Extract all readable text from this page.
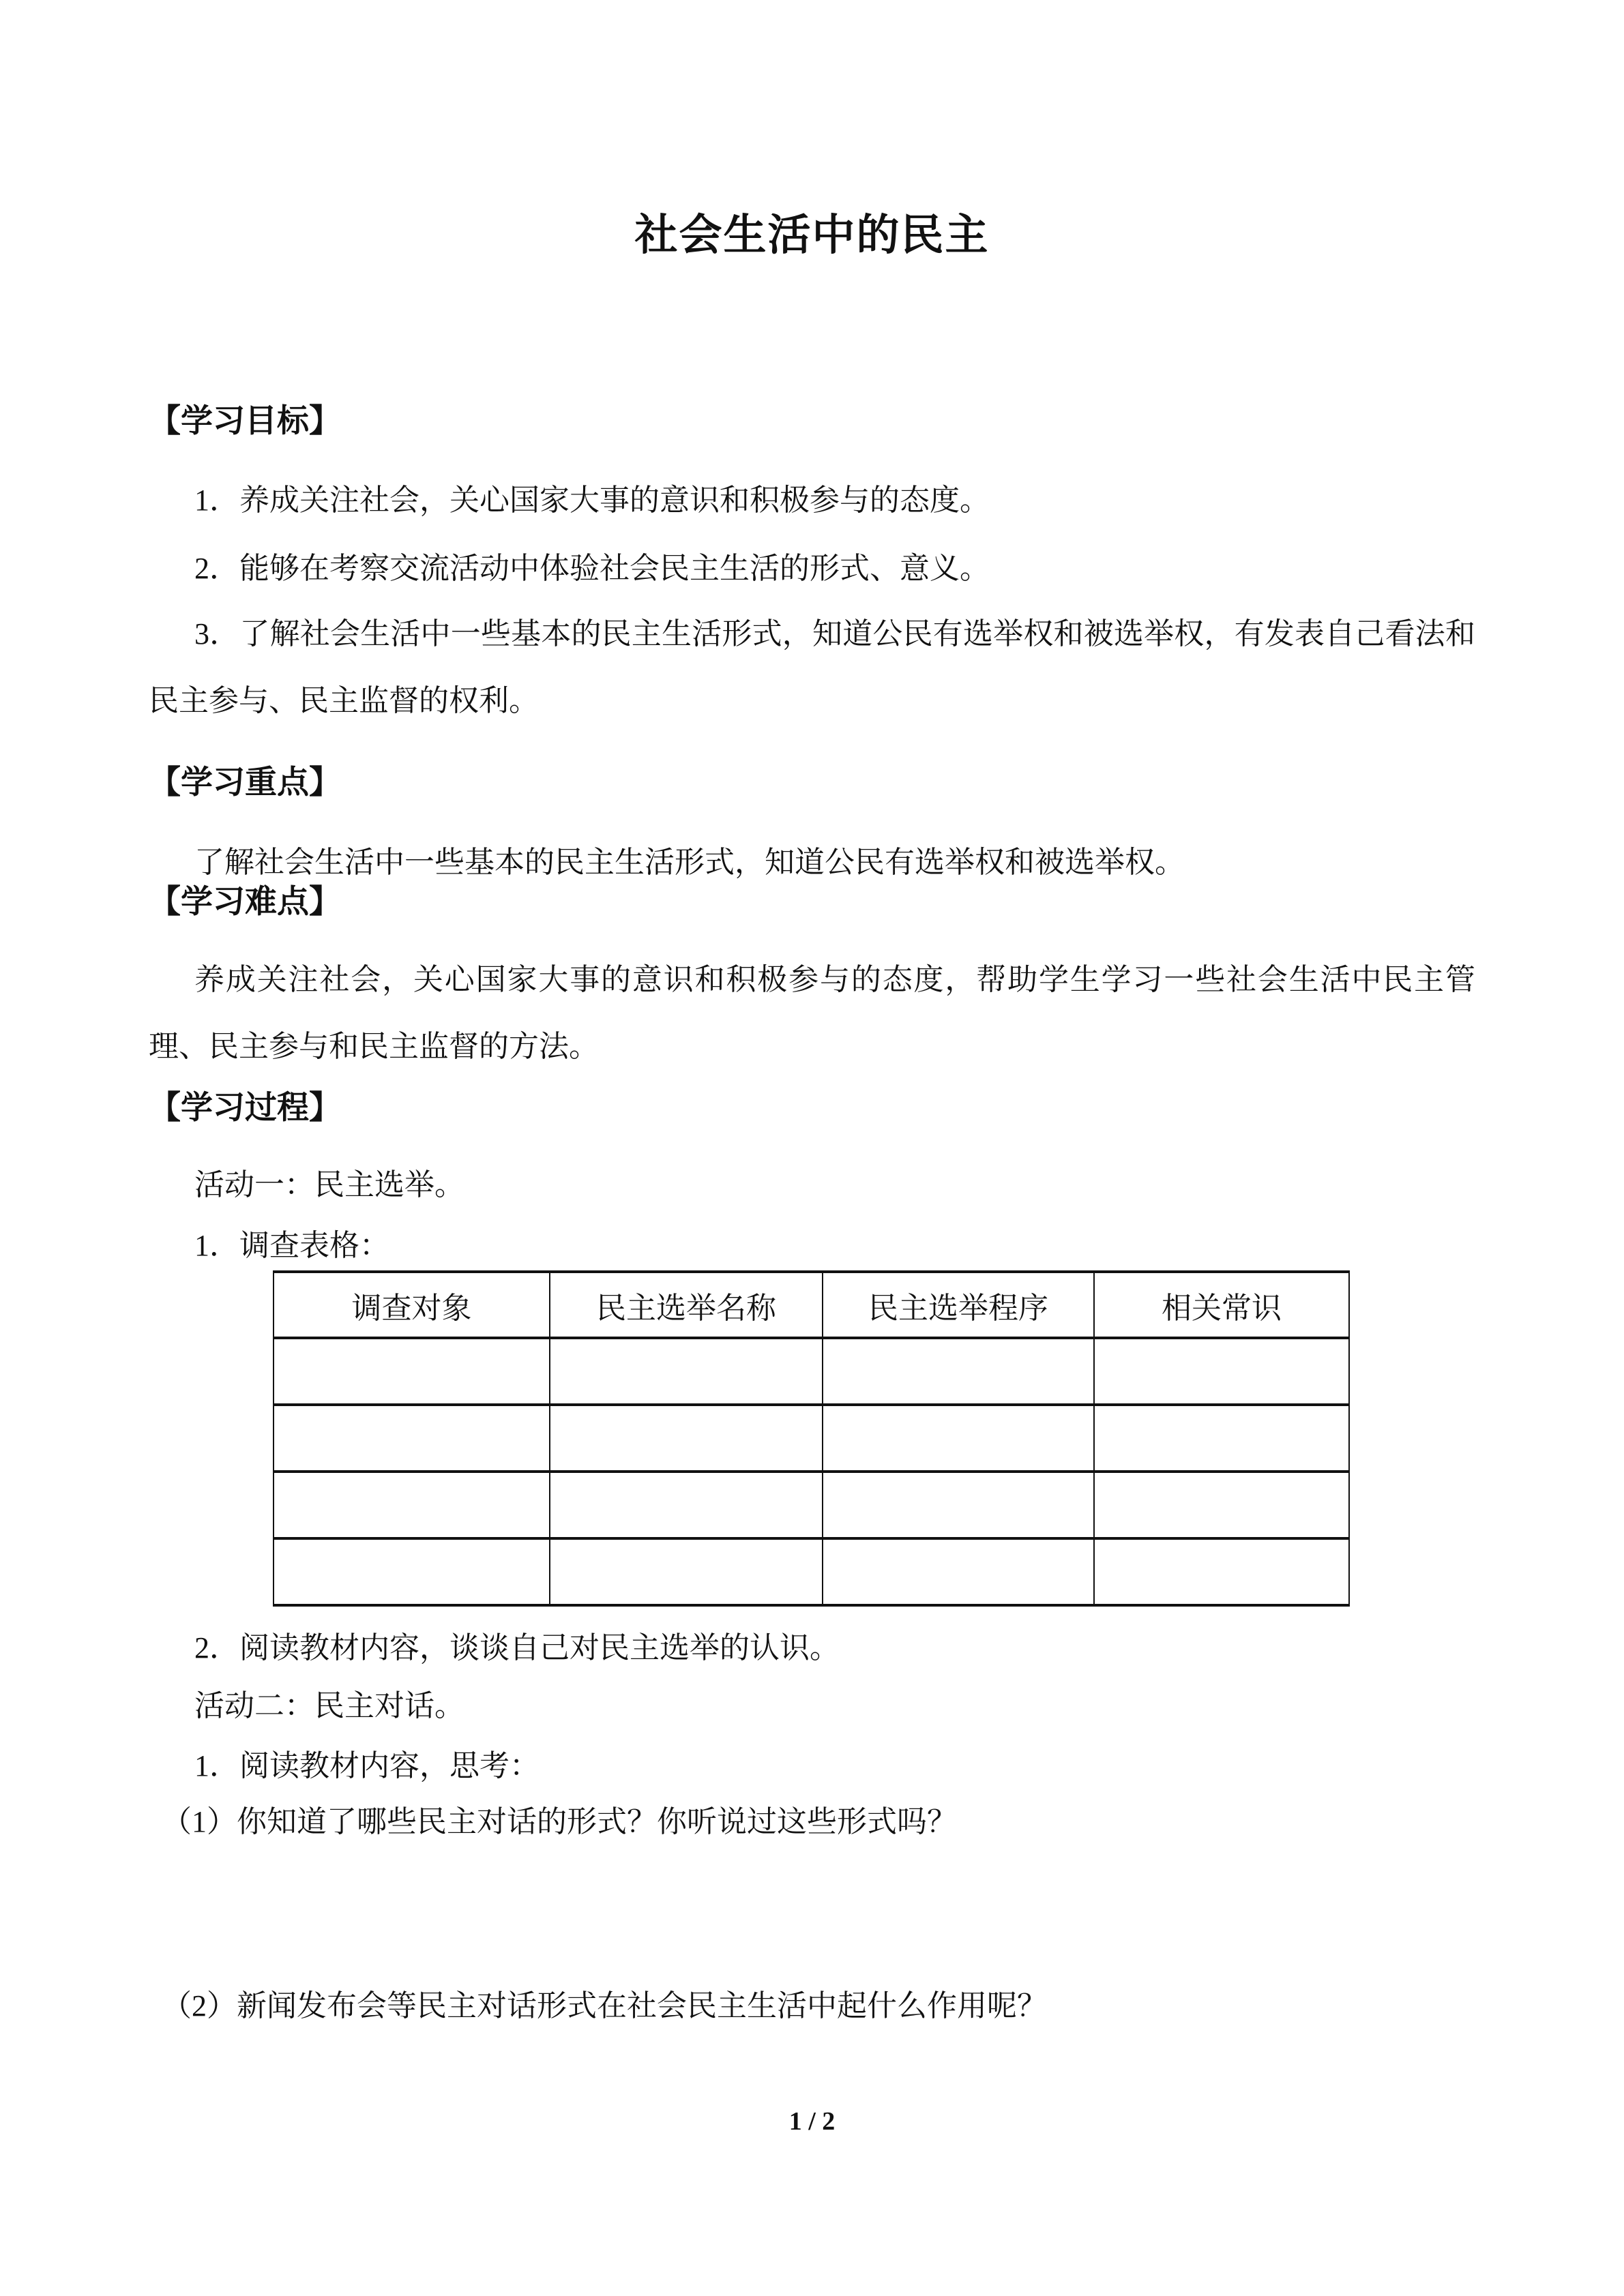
社会生活中的民主
【学习目标】
1．养成关注社会，关心国家大事的意识和积极参与的态度。
2．能够在考察交流活动中体验社会民主生活的形式、意义。
3．了解社会生活中一些基本的民主生活形式，知道公民有选举权和被选举权，有发表自己看法和民主参与、民主监督的权利。
【学习重点】
了解社会生活中一些基本的民主生活形式，知道公民有选举权和被选举权。
【学习难点】
养成关注社会，关心国家大事的意识和积极参与的态度，帮助学生学习一些社会生活中民主管理、民主参与和民主监督的方法。
【学习过程】
活动一：民主选举。
1．调查表格：
调查对象	民主选举名称	民主选举程序	相关常识

2．阅读教材内容，谈谈自己对民主选举的认识。
活动二：民主对话。
1．阅读教材内容，思考：
（1）你知道了哪些民主对话的形式？你听说过这些形式吗？
（2）新闻发布会等民主对话形式在社会民主生活中起什么作用呢？
1 / 2
